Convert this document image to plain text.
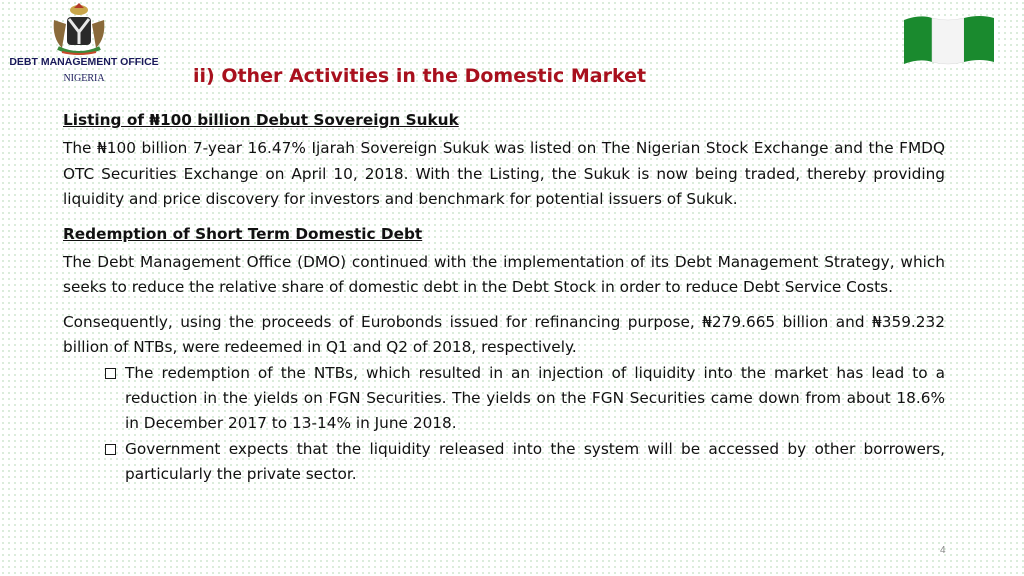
DEBT MANAGEMENT OFFICE
NIGERIA	ii) Other Activities in the Domestic Market

Listing of ₦100 billion Debut Sovereign Sukuk

The ₦100 billion 7-year 16.47% Ijarah Sovereign Sukuk was listed on The Nigerian Stock Exchange and the FMDQ OTC Securities Exchange on April 10, 2018. With the Listing, the Sukuk is now being traded, thereby providing liquidity and price discovery for investors and benchmark for potential issuers of Sukuk.

Redemption of Short Term Domestic Debt

The Debt Management Office (DMO) continued with the implementation of its Debt Management Strategy, which seeks to reduce the relative share of domestic debt in the Debt Stock in order to reduce Debt Service Costs.

Consequently, using the proceeds of Eurobonds issued for refinancing purpose, ₦279.665 billion and ₦359.232 billion of NTBs, were redeemed in Q1 and Q2 of 2018, respectively.

The redemption of the NTBs, which resulted in an injection of liquidity into the market has lead to a reduction in the yields on FGN Securities. The yields on the FGN Securities came down from about 18.6% in December 2017 to 13-14% in June 2018.
Government expects that the liquidity released into the system will be accessed by other borrowers, particularly the private sector.
4
